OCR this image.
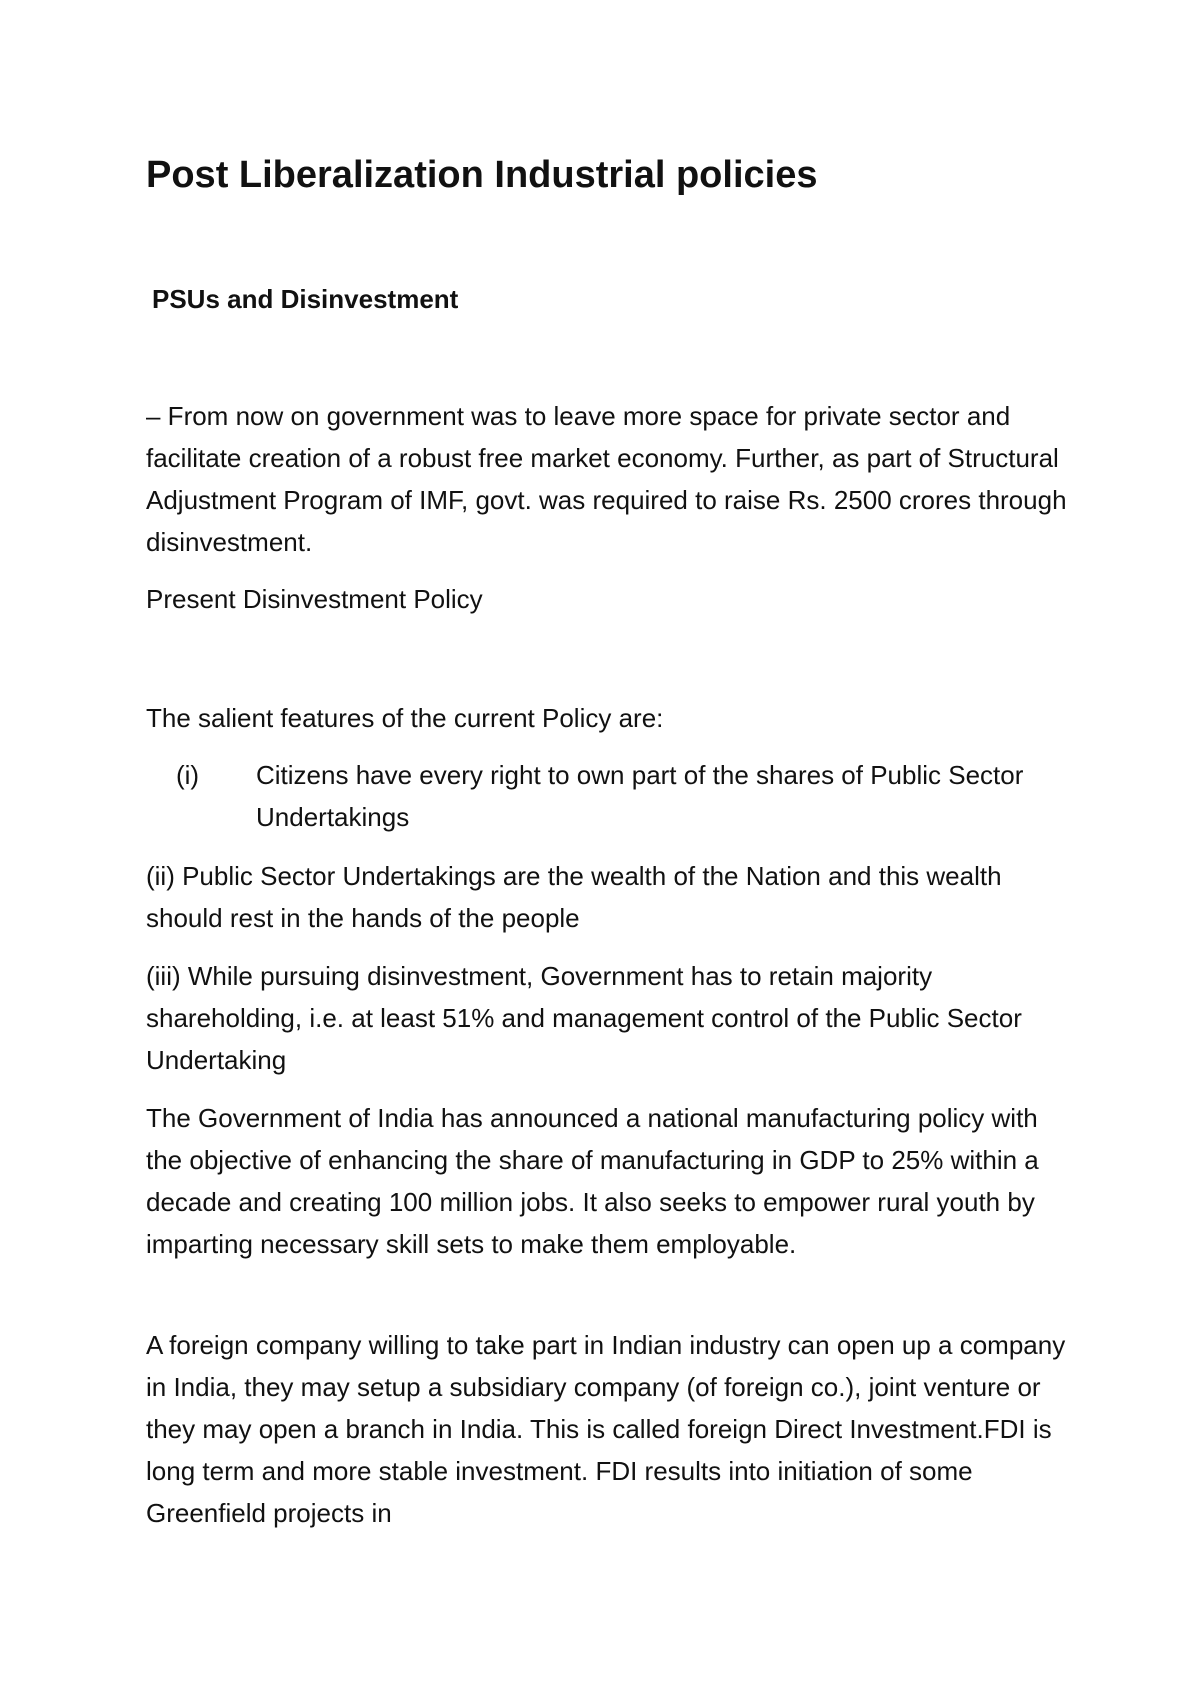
Post Liberalization Industrial policies
PSUs and Disinvestment

– From now on government was to leave more space for private sector and facilitate creation of a robust free market economy. Further, as part of Structural Adjustment Program of IMF, govt. was required to raise Rs. 2500 crores through disinvestment.

Present Disinvestment Policy

The salient features of the current Policy are:

(i) Citizens have every right to own part of the shares of Public Sector Undertakings

(ii) Public Sector Undertakings are the wealth of the Nation and this wealth should rest in the hands of the people

(iii) While pursuing disinvestment, Government has to retain majority shareholding, i.e. at least 51% and management control of the Public Sector Undertaking

The Government of India has announced a national manufacturing policy with the objective of enhancing the share of manufacturing in GDP to 25% within a decade and creating 100 million jobs. It also seeks to empower rural youth by imparting necessary skill sets to make them employable.

A foreign company willing to take part in Indian industry can open up a company in India, they may setup a subsidiary company (of foreign co.), joint venture or they may open a branch in India. This is called foreign Direct Investment.FDI is long term and more stable investment. FDI results into initiation of some Greenfield projects in
